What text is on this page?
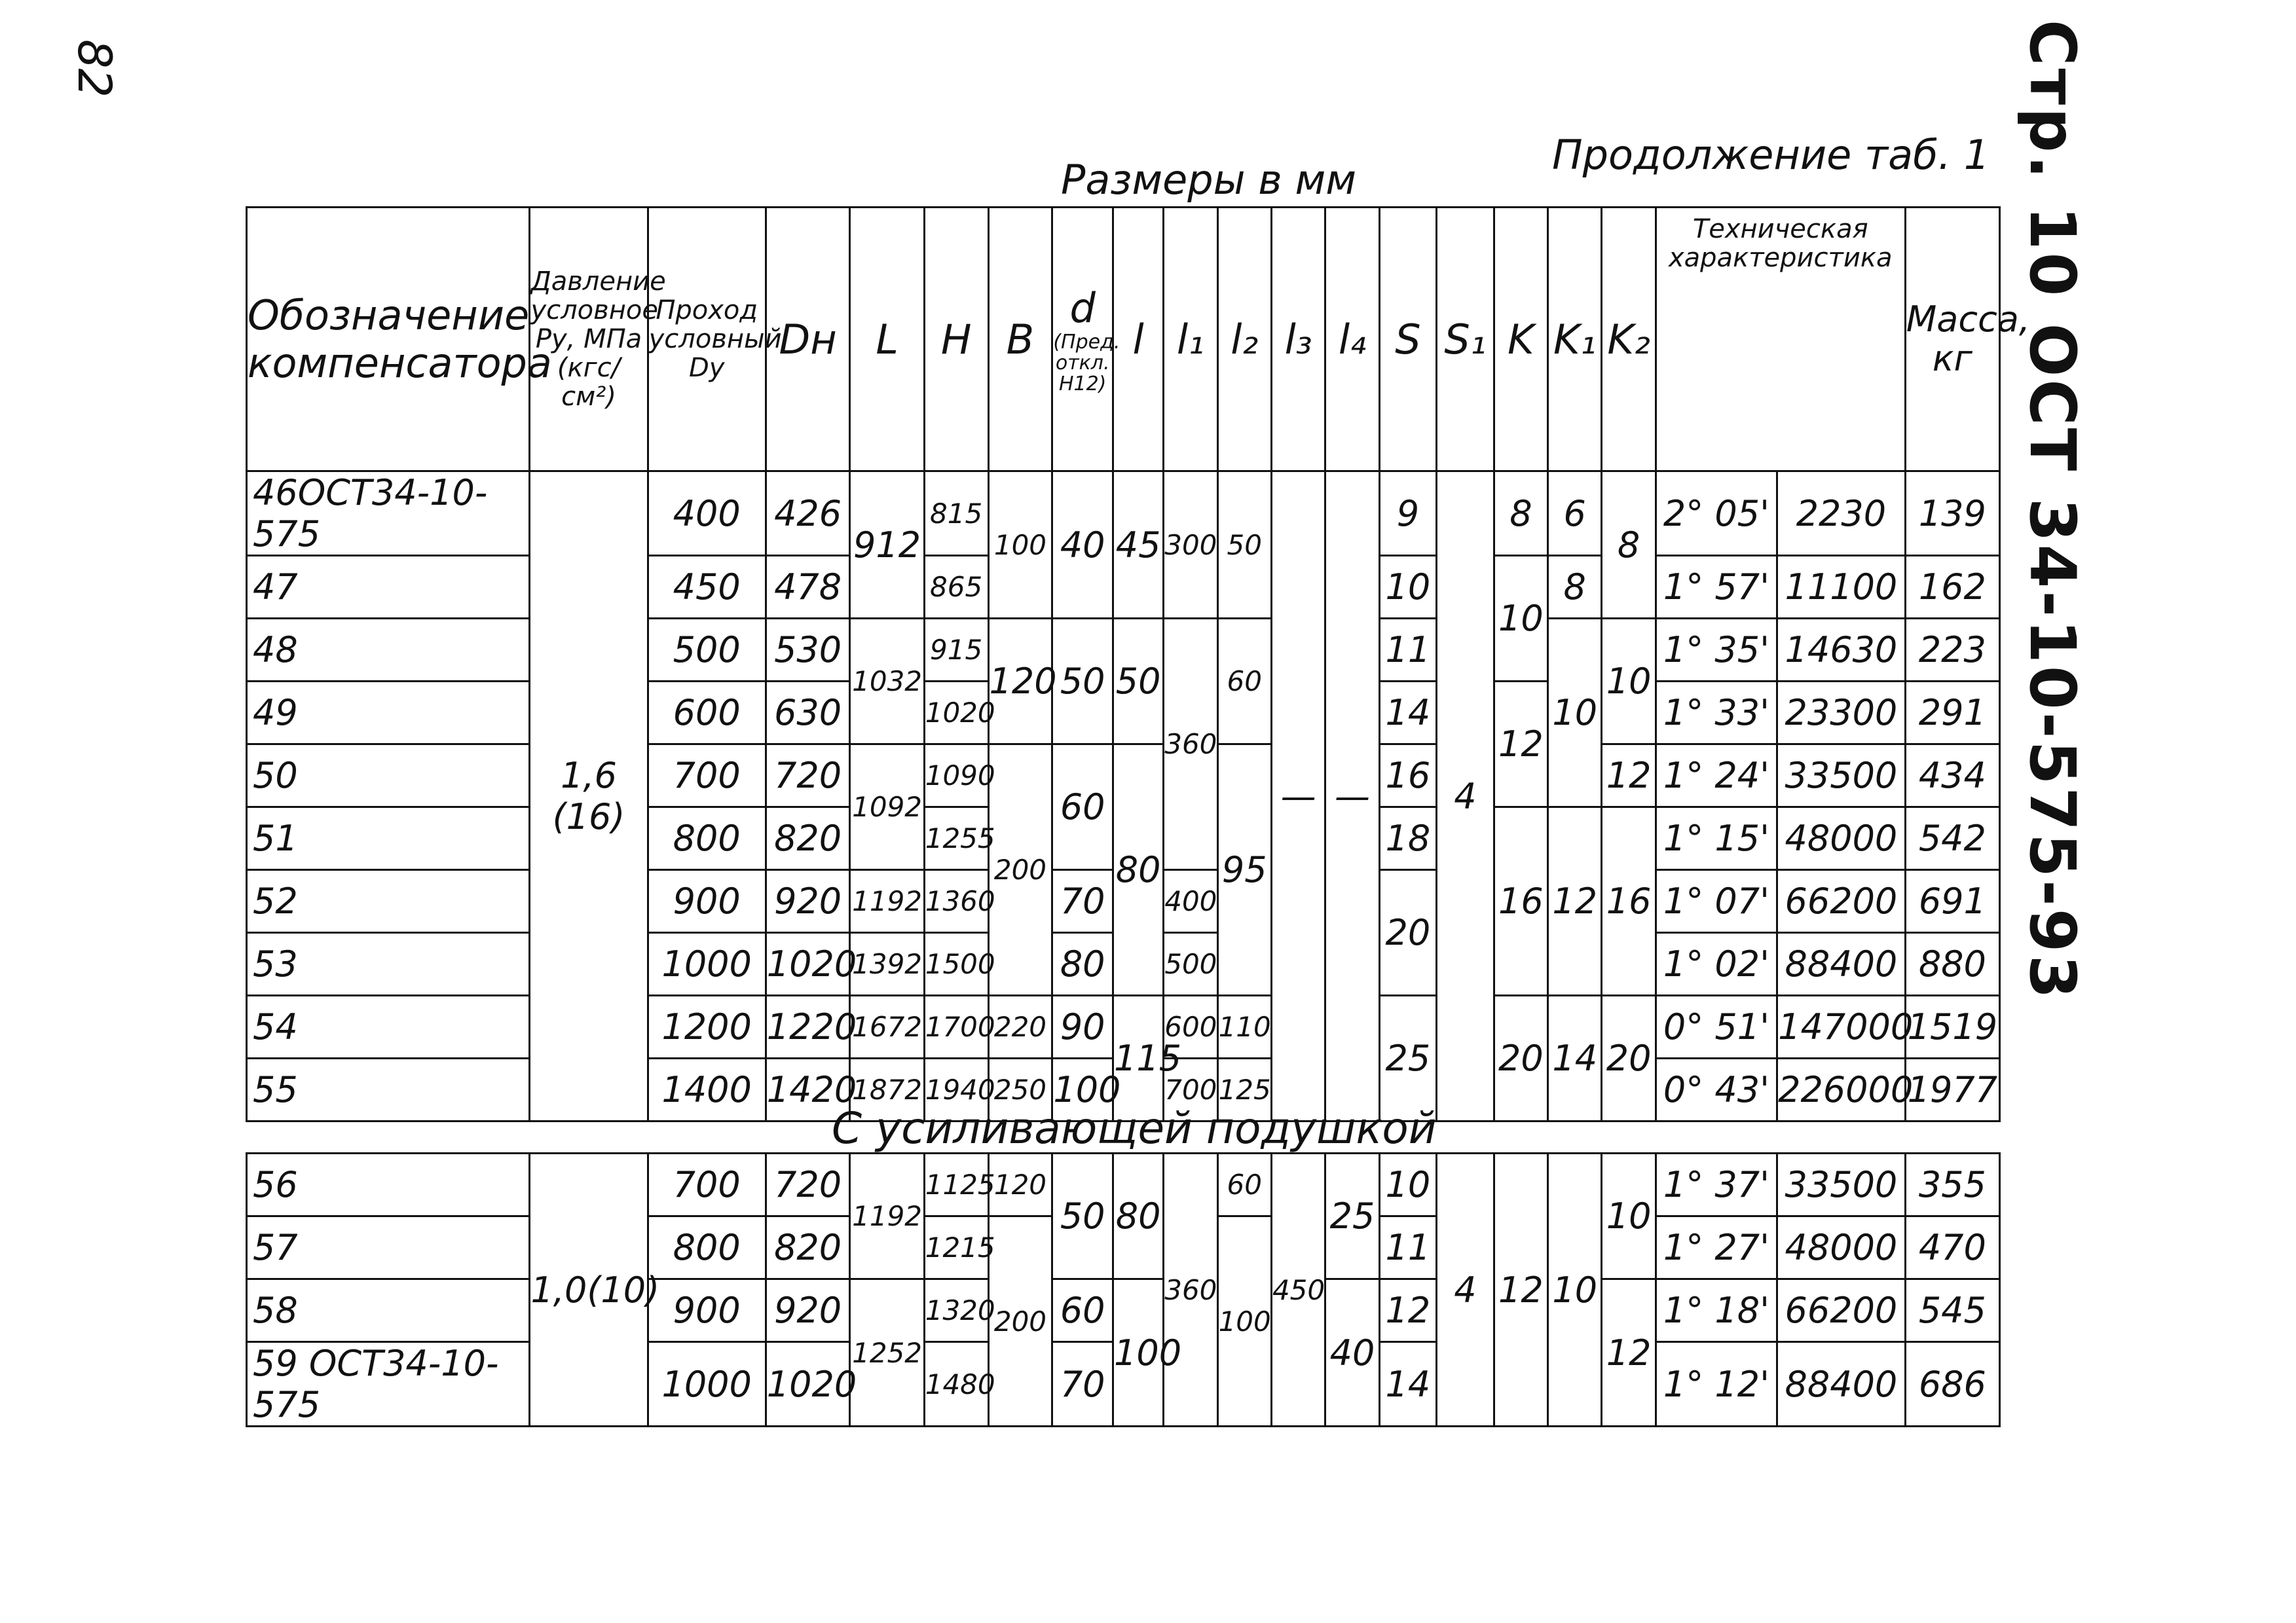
82	Стр. 10 ОСТ 34-10-575-93
Размеры в мм
Продолжение таб. 1
Обозначение компенсатора	Давление условное Ру, МПа (кгс/см²)	Проход условный Dy	Dн	L	H	B	d
(Пред. откл. H12)	l	l₁	l₂	l₃	l₄	S	S₁	K	K₁	K₂	Техническая характеристика		Масса, кг
46ОСТ34-10-575	1,6 (16)	400	426	912	815	100	40	45	300	50	—	—	9	4	8	6	8	2° 05'	2230	139
47		450	478		865								10		10	8		1° 57'	11100	162
48		500	530	1032	915	120	50	50	360	60			11			10	10	1° 35'	14630	223
49		600	630		1020								14		12			1° 33'	23300	291
50		700	720	1092	1090	200	60	80		95			16				12	1° 24'	33500	434
51		800	820		1255								18		16	12	16	1° 15'	48000	542
52		900	920	1192	1360		70		400				20					1° 07'	66200	691
53		1000	1020	1392	1500		80		500									1° 02'	88400	880
54		1200	1220	1672	1700	220	90	115	600	110			25		20	14	20	0° 51'	147000	1519
55		1400	1420	1872	1940	250	100		700	125								0° 43'	226000	1977
С усиливающей подушкой
56	1,0(10)	700	720	1192	1125	120	50	80	360	60	450	25	10	4	12	10	10	1° 37'	33500	355
57		800	820		1215	200				100			11					1° 27'	48000	470
58		900	920	1252	1320		60	100				40	12				12	1° 18'	66200	545
59 ОСТ34-10-575		1000	1020		1480		70						14					1° 12'	88400	686
